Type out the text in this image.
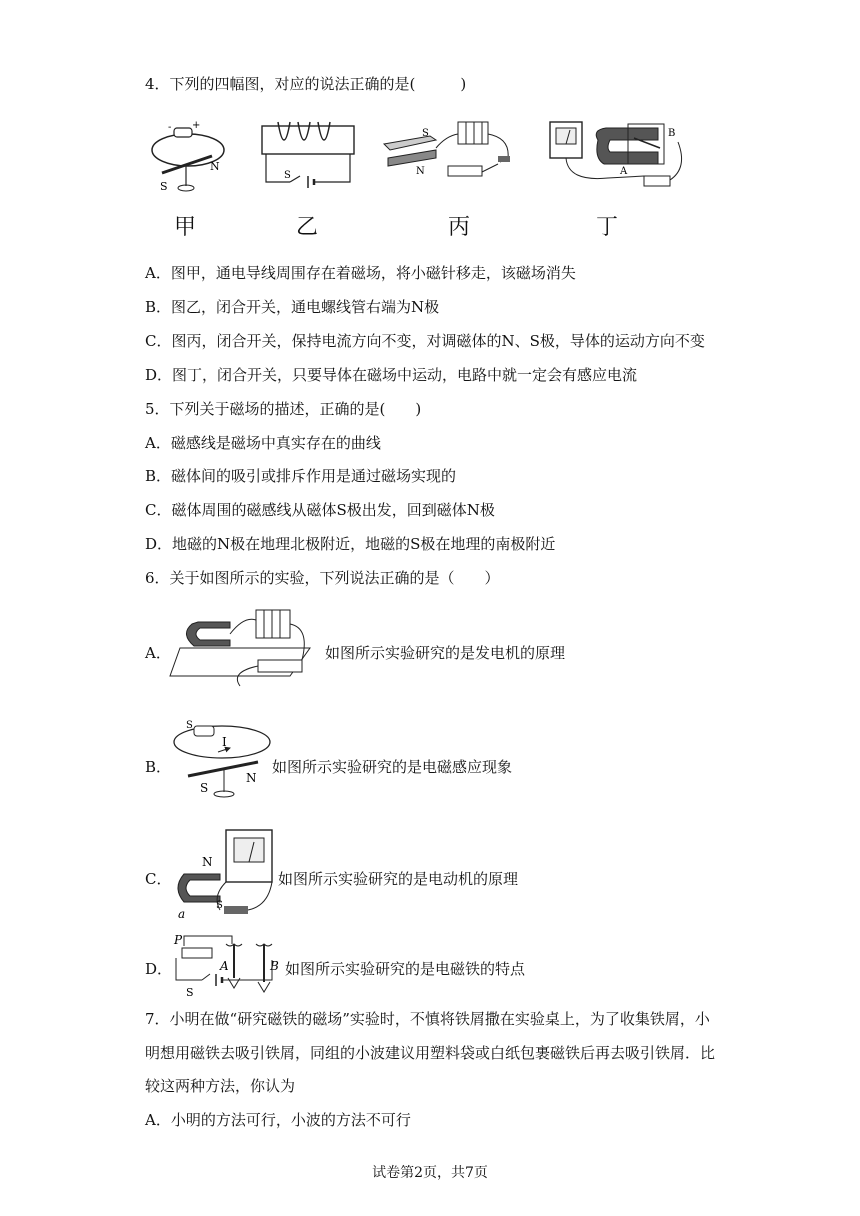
4．下列的四幅图，对应的说法正确的是(　　　)
- +
S
N
甲
S
乙
S
N
丙
B
A
丁
A．图甲，通电导线周围存在着磁场，将小磁针移走，该磁场消失
B．图乙，闭合开关，通电螺线管右端为N极
C．图丙，闭合开关，保持电流方向不变，对调磁体的N、S极，导体的运动方向不变
D．图丁，闭合开关，只要导体在磁场中运动，电路中就一定会有感应电流
5．下列关于磁场的描述，正确的是(　　)
A．磁感线是磁场中真实存在的曲线
B．磁体间的吸引或排斥作用是通过磁场实现的
C．磁体周围的磁感线从磁体S极出发，回到磁体N极
D．地磁的N极在地理北极附近，地磁的S极在地理的南极附近
6．关于如图所示的实验，下列说法正确的是（　　）
A．	如图所示实验研究的是发电机的原理
B．
S
I
S
N
如图所示实验研究的是电磁感应现象
C．
N
a
S
如图所示实验研究的是电动机的原理
D．
P
S
A	B 如图所示实验研究的是电磁铁的特点
7．小明在做“研究磁铁的磁场”实验时，不慎将铁屑撒在实验桌上，为了收集铁屑，小
明想用磁铁去吸引铁屑，同组的小波建议用塑料袋或白纸包裹磁铁后再去吸引铁屑．比
较这两种方法，你认为
A．小明的方法可行，小波的方法不可行
试卷第2页，共7页
